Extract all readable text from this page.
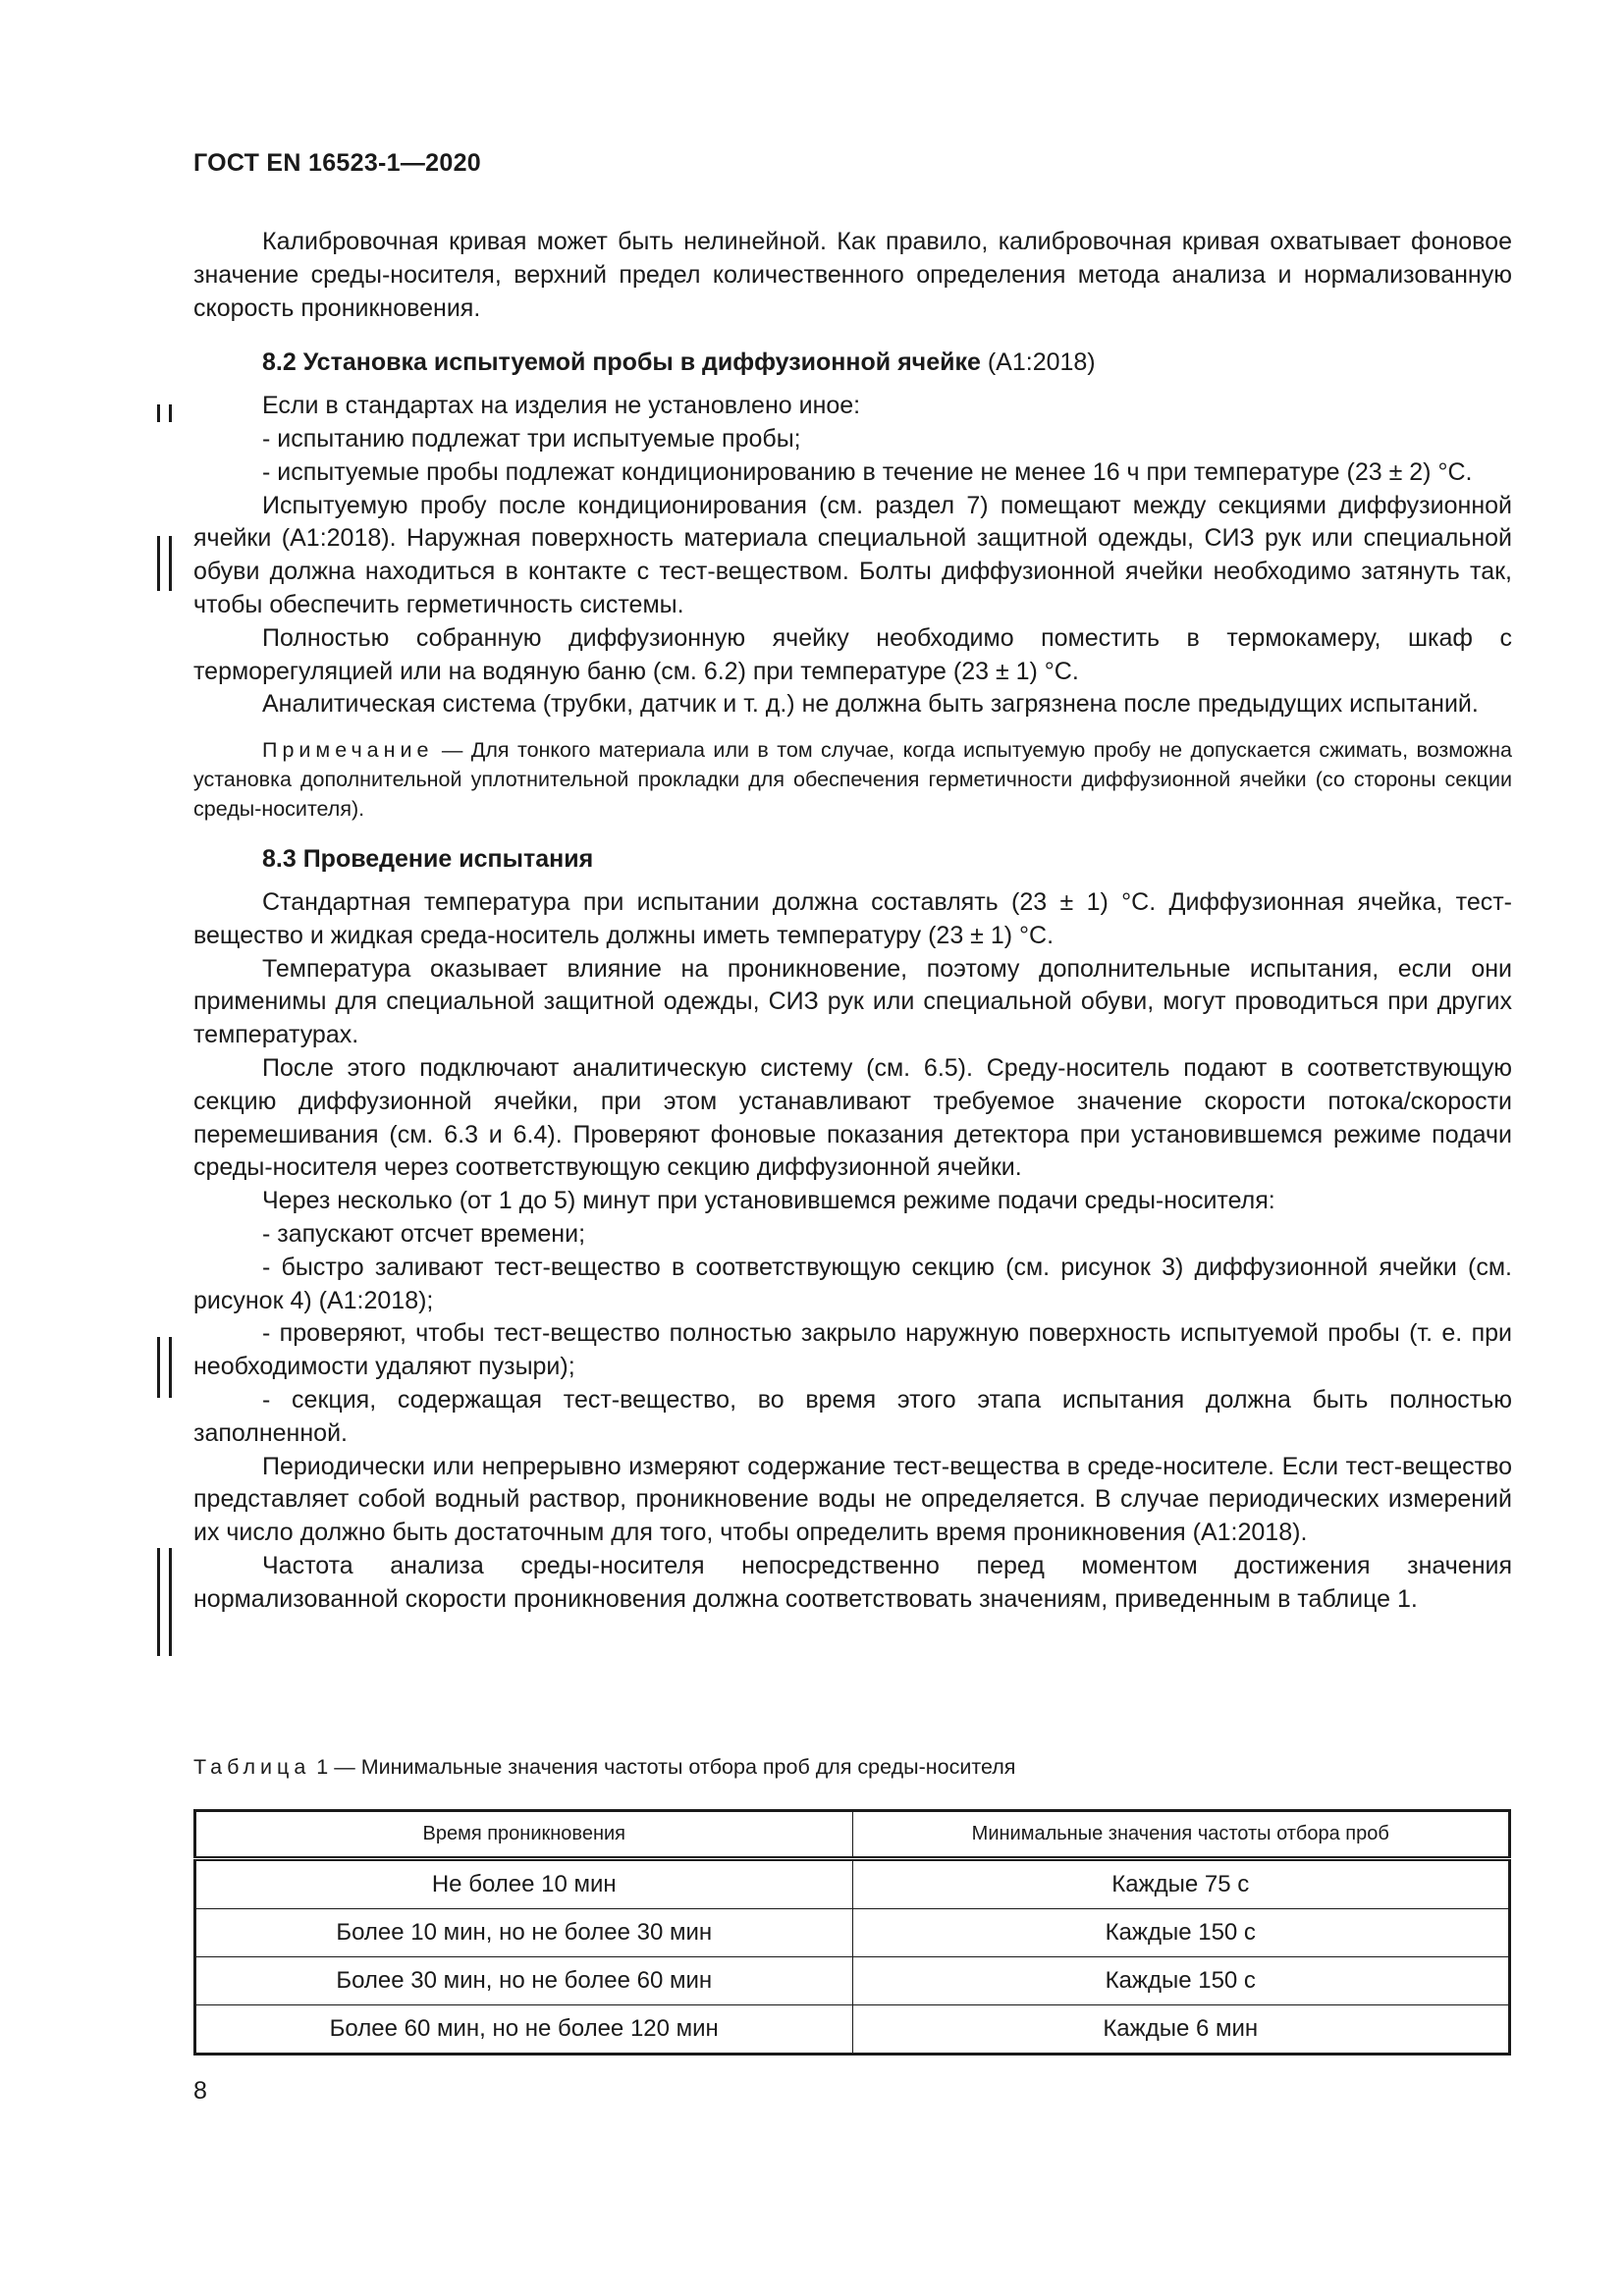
ГОСТ EN 16523-1—2020

Калибровочная кривая может быть нелинейной. Как правило, калибровочная кривая охватывает фоновое значение среды-носителя, верхний предел количественного определения метода анализа и нормализованную скорость проникновения.

8.2 Установка испытуемой пробы в диффузионной ячейке (А1:2018)

Если в стандартах на изделия не установлено иное:

- испытанию подлежат три испытуемые пробы;

- испытуемые пробы подлежат кондиционированию в течение не менее 16 ч при температуре (23 ± 2) °C.

Испытуемую пробу после кондиционирования (см. раздел 7) помещают между секциями диффузионной ячейки (А1:2018). Наружная поверхность материала специальной защитной одежды, СИЗ рук или специальной обуви должна находиться в контакте с тест-веществом. Болты диффузионной ячейки необходимо затянуть так, чтобы обеспечить герметичность системы.

Полностью собранную диффузионную ячейку необходимо поместить в термокамеру, шкаф с терморегуляцией или на водяную баню (см. 6.2) при температуре (23 ± 1) °C.

Аналитическая система (трубки, датчик и т. д.) не должна быть загрязнена после предыдущих испытаний.

Примечание — Для тонкого материала или в том случае, когда испытуемую пробу не допускается сжимать, возможна установка дополнительной уплотнительной прокладки для обеспечения герметичности диффузионной ячейки (со стороны секции среды-носителя).

8.3 Проведение испытания

Стандартная температура при испытании должна составлять (23 ± 1) °C. Диффузионная ячейка, тест-вещество и жидкая среда-носитель должны иметь температуру (23 ± 1) °C.

Температура оказывает влияние на проникновение, поэтому дополнительные испытания, если они применимы для специальной защитной одежды, СИЗ рук или специальной обуви, могут проводиться при других температурах.

После этого подключают аналитическую систему (см. 6.5). Среду-носитель подают в соответствующую секцию диффузионной ячейки, при этом устанавливают требуемое значение скорости потока/скорости перемешивания (см. 6.3 и 6.4). Проверяют фоновые показания детектора при установившемся режиме подачи среды-носителя через соответствующую секцию диффузионной ячейки.

Через несколько (от 1 до 5) минут при установившемся режиме подачи среды-носителя:

- запускают отсчет времени;

- быстро заливают тест-вещество в соответствующую секцию (см. рисунок 3) диффузионной ячейки (см. рисунок 4) (А1:2018);

- проверяют, чтобы тест-вещество полностью закрыло наружную поверхность испытуемой пробы (т. е. при необходимости удаляют пузыри);

- секция, содержащая тест-вещество, во время этого этапа испытания должна быть полностью заполненной.

Периодически или непрерывно измеряют содержание тест-вещества в среде-носителе. Если тест-вещество представляет собой водный раствор, проникновение воды не определяется. В случае периодических измерений их число должно быть достаточным для того, чтобы определить время проникновения (А1:2018).

Частота анализа среды-носителя непосредственно перед моментом достижения значения нормализованной скорости проникновения должна соответствовать значениям, приведенным в таблице 1.

Таблица 1 — Минимальные значения частоты отбора проб для среды-носителя
Время проникновения	Минимальные значения частоты отбора проб
Не более 10 мин	Каждые 75 с
Более 10 мин, но не более 30 мин	Каждые 150 с
Более 30 мин, но не более 60 мин	Каждые 150 с
Более 60 мин, но не более 120 мин	Каждые 6 мин
8
